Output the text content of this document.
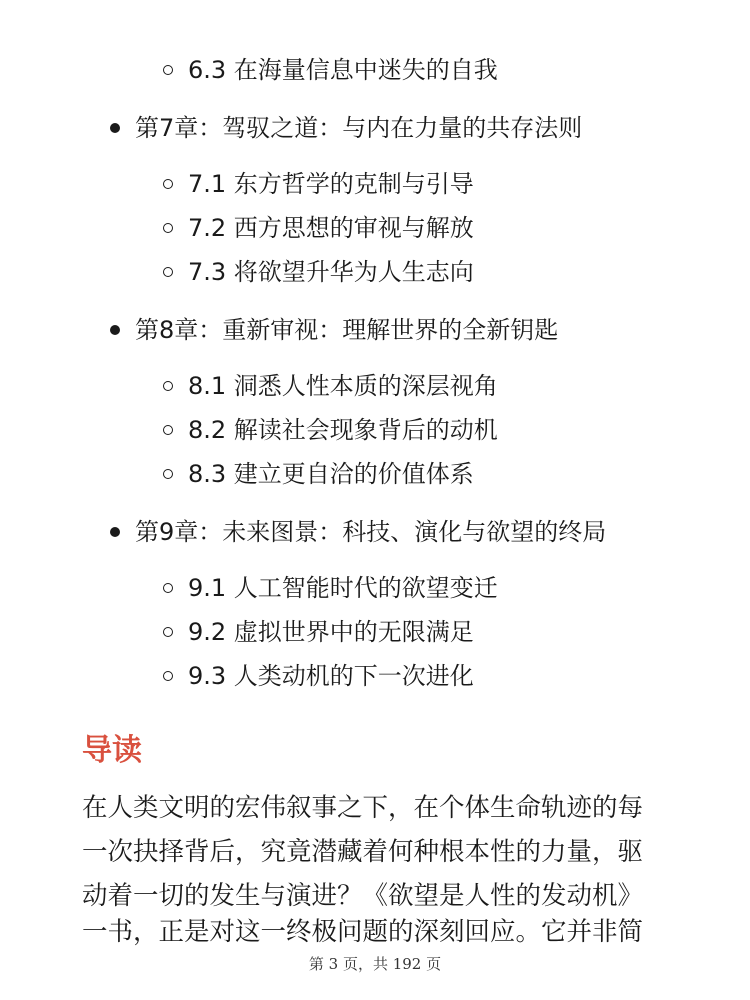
6.3 在海量信息中迷失的自我
第7章：驾驭之道：与内在力量的共存法则
7.1 东方哲学的克制与引导
7.2 西方思想的审视与解放
7.3 将欲望升华为人生志向
第8章：重新审视：理解世界的全新钥匙
8.1 洞悉人性本质的深层视角
8.2 解读社会现象背后的动机
8.3 建立更自洽的价值体系
第9章：未来图景：科技、演化与欲望的终局
9.1 人工智能时代的欲望变迁
9.2 虚拟世界中的无限满足
9.3 人类动机的下一次进化
导读
在人类文明的宏伟叙事之下，在个体生命轨迹的每
一次抉择背后，究竟潜藏着何种根本性的力量，驱
动着一切的发生与演进？《欲望是人性的发动机》
一书，正是对这一终极问题的深刻回应。它并非简
第 3 页，共 192 页
